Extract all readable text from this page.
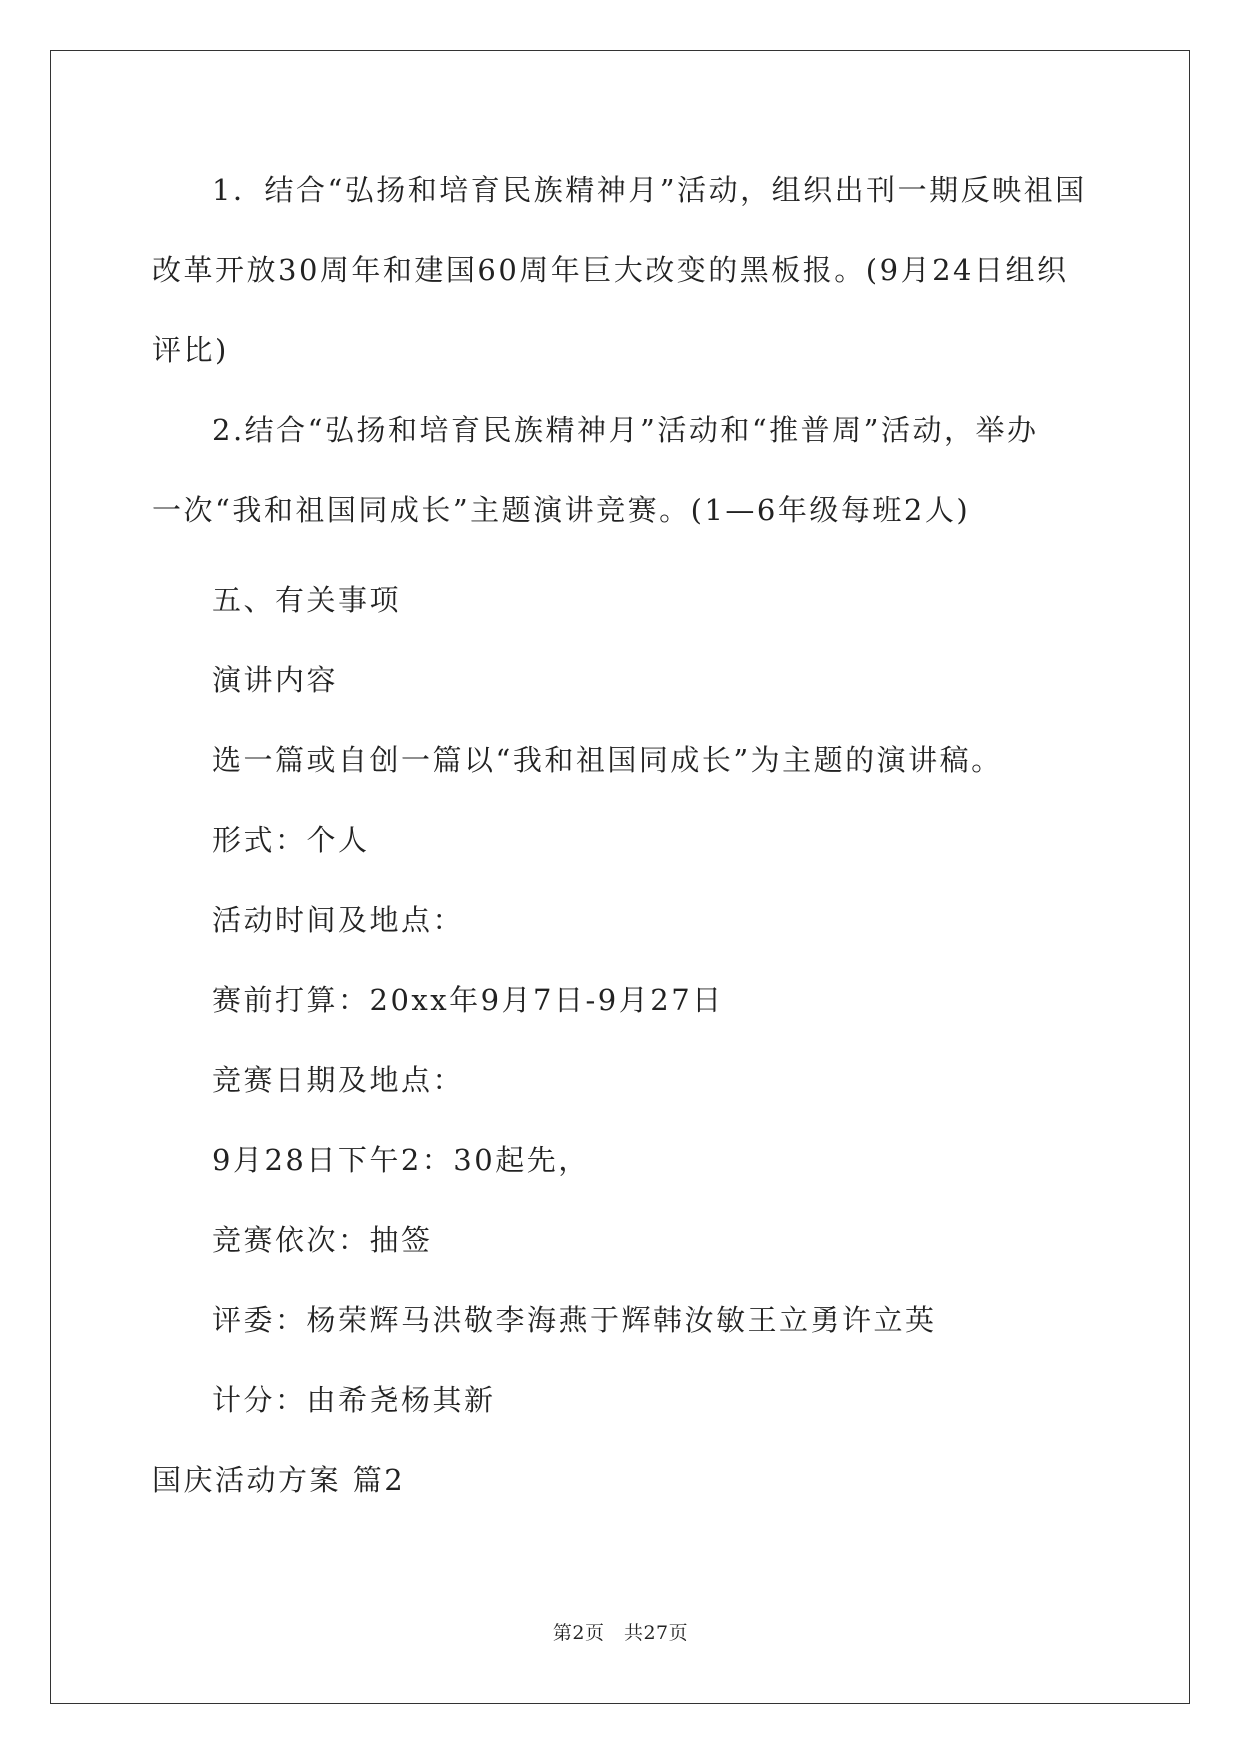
1．结合“弘扬和培育民族精神月”活动，组织出刊一期反映祖国
改革开放30周年和建国60周年巨大改变的黑板报。(9月24日组织
评比)
2.结合“弘扬和培育民族精神月”活动和“推普周”活动，举办
一次“我和祖国同成长”主题演讲竞赛。(1—6年级每班2人)
五、有关事项
演讲内容
选一篇或自创一篇以“我和祖国同成长”为主题的演讲稿。
形式：个人
活动时间及地点：
赛前打算：20xx年9月7日-9月27日
竞赛日期及地点：
9月28日下午2：30起先，
竞赛依次：抽签
评委：杨荣辉马洪敬李海燕于辉韩汝敏王立勇许立英
计分：由希尧杨其新
国庆活动方案 篇2
第2页　共27页
